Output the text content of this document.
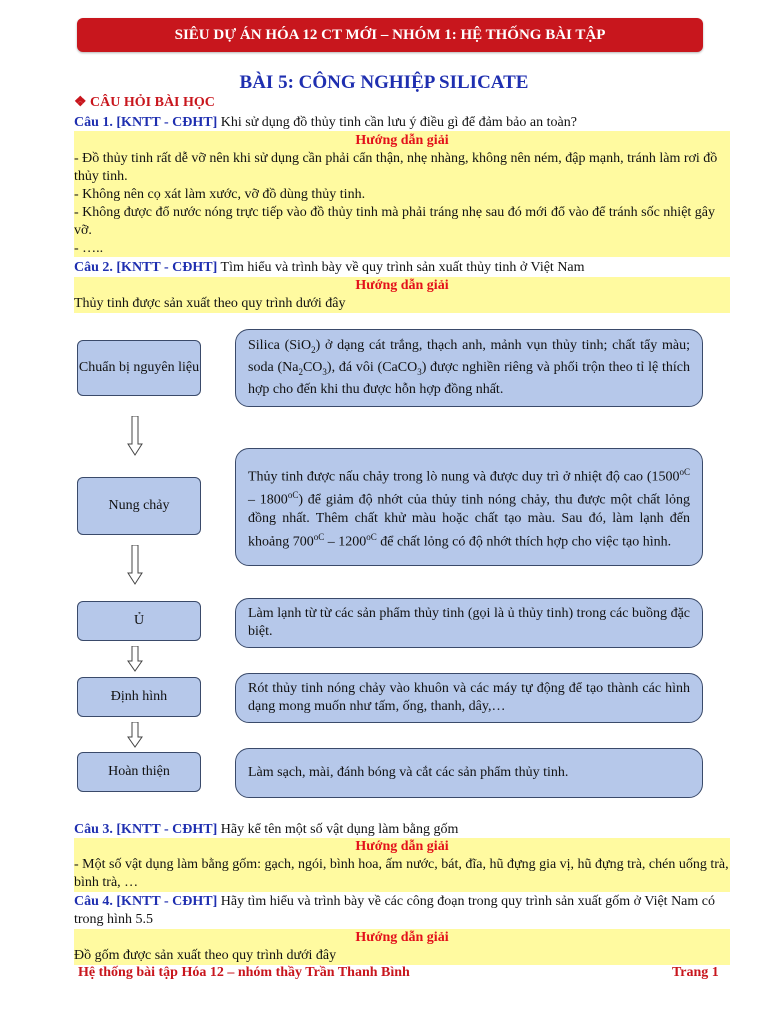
SIÊU DỰ ÁN HÓA 12 CT MỚI – NHÓM 1: HỆ THỐNG BÀI TẬP
BÀI 5: CÔNG NGHIỆP SILICATE
❖ CÂU HỎI BÀI HỌC
Câu 1. [KNTT - CĐHT] Khi sử dụng đồ thủy tinh cần lưu ý điều gì để đảm bảo an toàn?
Hướng dẫn giải
- Đồ thủy tinh rất dễ vỡ nên khi sử dụng cần phải cẩn thận, nhẹ nhàng, không nên ném, đập mạnh, tránh làm rơi đồ thủy tinh.
- Không nên cọ xát làm xước, vỡ đồ dùng thủy tinh.
- Không được đổ nước nóng trực tiếp vào đồ thủy tinh mà phải tráng nhẹ sau đó mới đổ vào để tránh sốc nhiệt gây vỡ.
- …..
Câu 2. [KNTT - CĐHT] Tìm hiểu và trình bày về quy trình sản xuất thủy tinh ở Việt Nam
Hướng dẫn giải
Thủy tinh được sản xuất theo quy trình dưới đây
Chuẩn bị nguyên liệu
Nung chảy
Ủ
Định hình
Hoàn thiện
Silica (SiO$_2$) ở dạng cát trắng, thạch anh, mảnh vụn thủy tinh; chất tẩy màu; soda $(Na_2CO_3)$, đá vôi (CaCO$_3$) được nghiền riêng và phối trộn theo tỉ lệ thích hợp cho đến khi thu được hỗn hợp đồng nhất.
Thủy tinh được nấu chảy trong lò nung và được duy trì ở nhiệt độ cao $(1500^{oC} - 1800^{oC})$ để giảm độ nhớt của thủy tinh nóng chảy, thu được một chất lỏng đồng nhất. Thêm chất khử màu hoặc chất tạo màu. Sau đó, làm lạnh đến khoảng $700^{oC} - 1200^{oC}$ để chất lỏng có độ nhớt thích hợp cho việc tạo hình.
Làm lạnh từ từ các sản phẩm thủy tinh (gọi là ủ thủy tinh) trong các buồng đặc biệt.
Rót thủy tinh nóng chảy vào khuôn và các máy tự động để tạo thành các hình dạng mong muốn như tấm, ống, thanh, dây,…
Làm sạch, mài, đánh bóng và cắt các sản phẩm thủy tinh.
Câu 3. [KNTT - CĐHT] Hãy kể tên một số vật dụng làm bằng gốm
Hướng dẫn giải
- Một số vật dụng làm bằng gốm: gạch, ngói, bình hoa, ấm nước, bát, đĩa, hũ đựng gia vị, hũ đựng trà, chén uống trà, bình trà, …
Câu 4. [KNTT - CĐHT] Hãy tìm hiểu và trình bày về các công đoạn trong quy trình sản xuất gốm ở Việt Nam có trong hình 5.5
Hướng dẫn giải
Đồ gốm được sản xuất theo quy trình dưới đây
Hệ thống bài tập Hóa 12 – nhóm thầy Trần Thanh Bình	Trang 1
